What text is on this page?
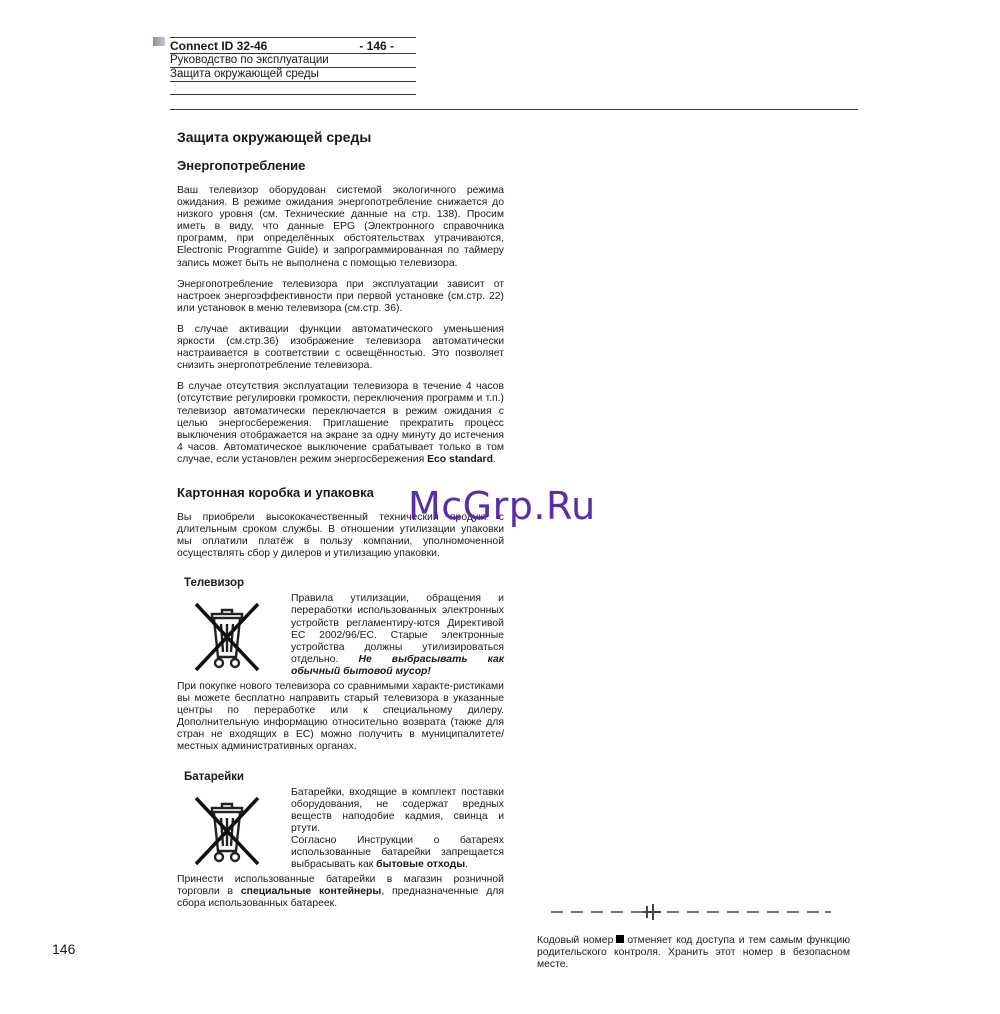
Connect ID 32-46	- 146 -
Руководство по эксплуатации
Защита окружающей среды
Защита окружающей среды
Энергопотребление

Ваш телевизор оборудован системой экологичного режима ожидания. В режиме ожидания энергопотребление снижается до низкого уровня (см. Технические данные на стр. 138). Просим иметь в виду, что данные EPG (Электронного справочника программ, при определённых обстоятельствах утрачиваются, Electronic Programme Guide) и запрограммированная по таймеру запись может быть не выполнена с помощью телевизора.

Энергопотребление телевизора при эксплуатации зависит от настроек энергоэффективности при первой установке (см.стр. 22) или установок в меню телевизора (см.стр. 36).

В случае активации функции автоматического уменьшения яркости (см.стр.36) изображение телевизора автоматически настраивается в соответствии с освещённостью. Это позволяет снизить энергопотребление телевизора.

В случае отсутствия эксплуатации телевизора в течение 4 часов (отсутствие регулировки громкости, переключения программ и т.п.) телевизор автоматически переключается в режим ожидания с целью энергосбережения. Приглашение прекратить процесс выключения отображается на экране за одну минуту до истечения 4 часов. Автоматическое выключение срабатывает только в том случае, если установлен режим энергосбережения Eco standard.

Картонная коробка и упаковка

Вы приобрели высококачественный технический продукт с длительным сроком службы. В отношении утилизации упаковки мы оплатили платёж в пользу компании, уполномоченной осуществлять сбор у дилеров и утилизацию упаковки.

Телевизор

Правила утилизации, обращения и переработки использованных электронных устройств регламентиру-ются Директивой ЕС 2002/96/ЕС. Старые электронные устройства должны утилизироваться отдельно. Не выбрасывать как обычный бытовой мусор!

При покупке нового телевизора со сравнимыми характе-ристиками вы можете бесплатно направить старый телевизора в указанные центры по переработке или к специальному дилеру. Дополнительную информацию относительно возврата (также для стран не входящих в ЕС) можно получить в муниципалитете/местных административных органах.

Батарейки

Батарейки, входящие в комплект поставки оборудования, не содержат вредных веществ наподобие кадмия, свинца и ртути.

Согласно Инструкции о батареях использованные батарейки запрещается выбрасывать как бытовые отходы.

Принести использованные батарейки в магазин розничной торговли в специальные контейнеры, предназначенные для сбора использованных батареек.

McGrp.Ru
Кодовый номер отменяет код доступа и тем самым функцию родительского контроля. Хранить этот номер в безопасном месте.
146
